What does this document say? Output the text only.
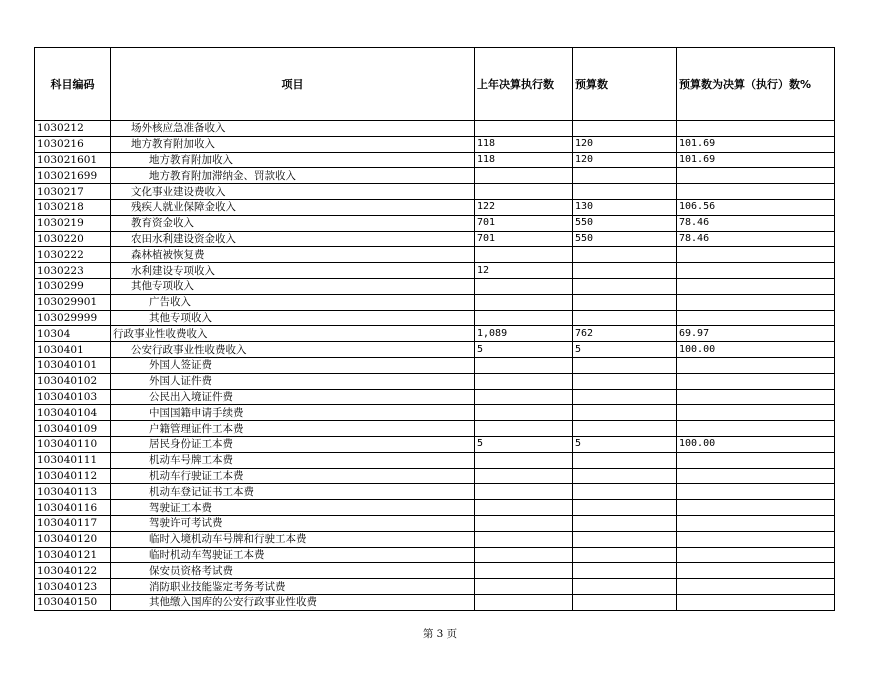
科目编码	项目	上年决算执行数	预算数	预算数为决算（执行）数%
1030212	场外核应急准备收入			
1030216	地方教育附加收入	118	120	101.69
103021601	地方教育附加收入	118	120	101.69
103021699	地方教育附加滞纳金、罚款收入			
1030217	文化事业建设费收入			
1030218	残疾人就业保障金收入	122	130	106.56
1030219	教育资金收入	701	550	78.46
1030220	农田水利建设资金收入	701	550	78.46
1030222	森林植被恢复费			
1030223	水利建设专项收入	12		
1030299	其他专项收入			
103029901	广告收入			
103029999	其他专项收入			
10304	行政事业性收费收入	1,089	762	69.97
1030401	公安行政事业性收费收入	5	5	100.00
103040101	外国人签证费			
103040102	外国人证件费			
103040103	公民出入境证件费			
103040104	中国国籍申请手续费			
103040109	户籍管理证件工本费			
103040110	居民身份证工本费	5	5	100.00
103040111	机动车号牌工本费			
103040112	机动车行驶证工本费			
103040113	机动车登记证书工本费			
103040116	驾驶证工本费			
103040117	驾驶许可考试费			
103040120	临时入境机动车号牌和行驶工本费			
103040121	临时机动车驾驶证工本费			
103040122	保安员资格考试费			
103040123	消防职业技能鉴定考务考试费			
103040150	其他缴入国库的公安行政事业性收费			
第 3 页
